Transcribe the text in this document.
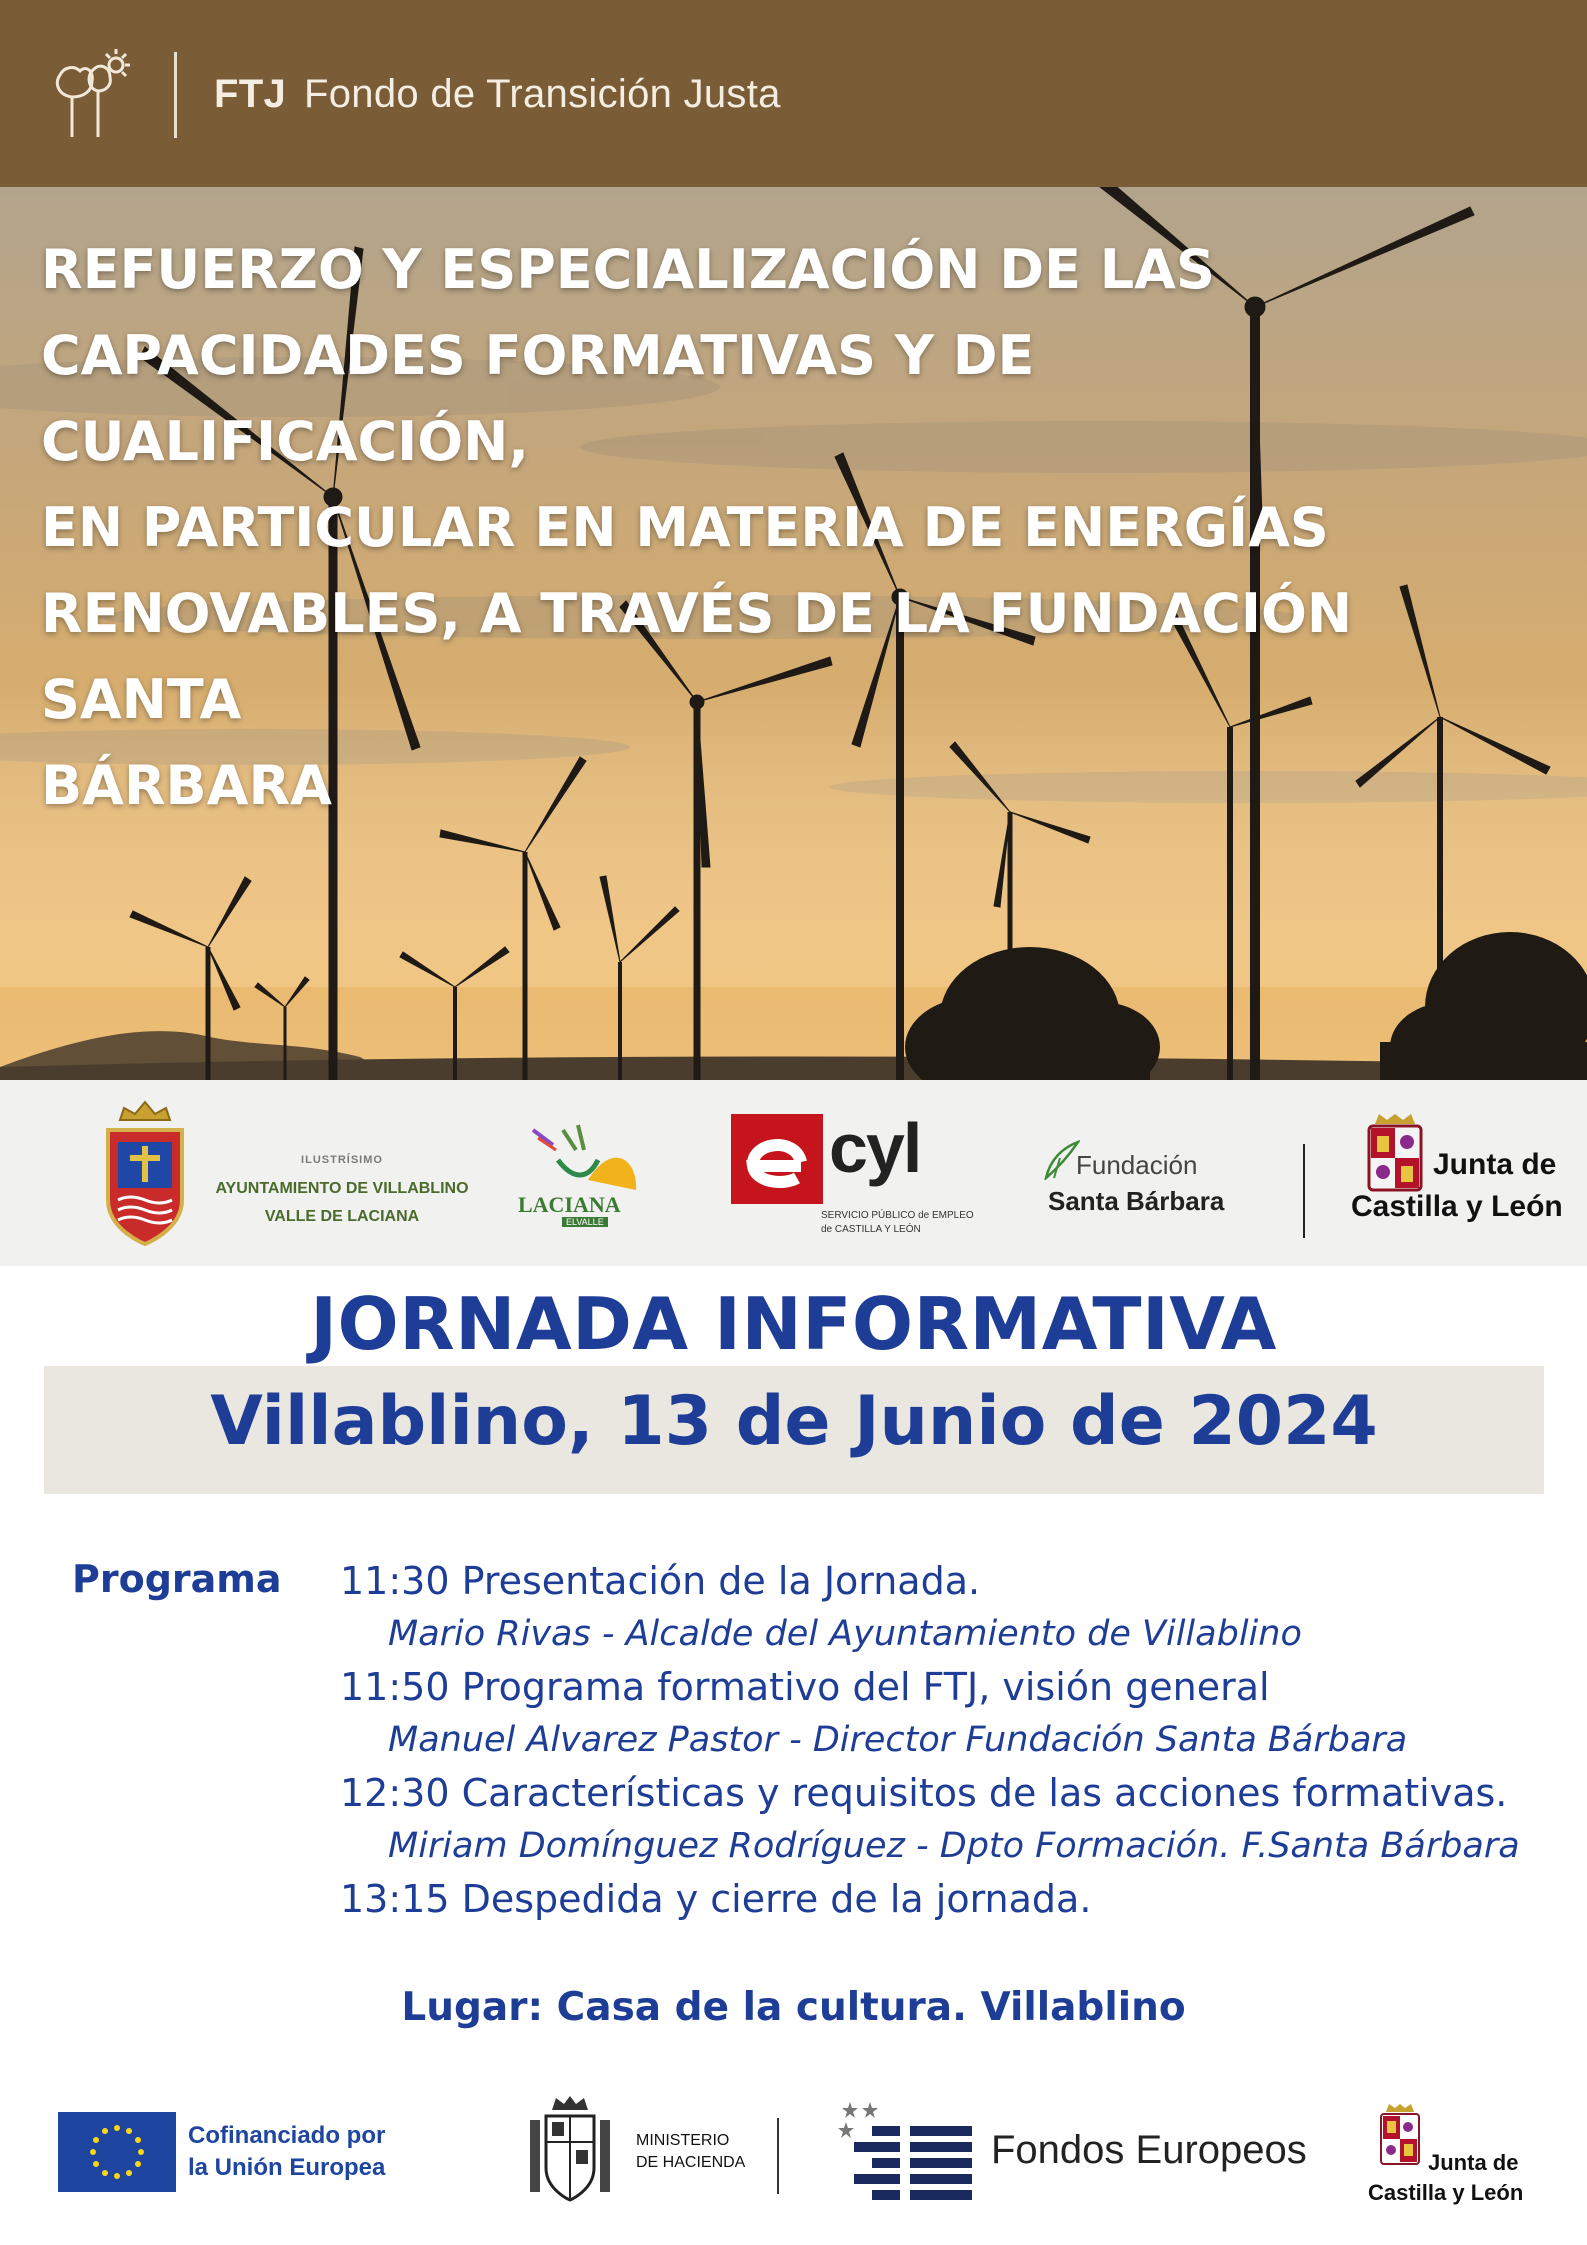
FTJ Fondo de Transición Justa
REFUERZO Y ESPECIALIZACIÓN DE LAS
CAPACIDADES FORMATIVAS Y DE CUALIFICACIÓN,
EN PARTICULAR EN MATERIA DE ENERGÍAS
RENOVABLES, A TRAVÉS DE LA FUNDACIÓN SANTA
BÁRBARA
ILUSTRÍSIMO
AYUNTAMIENTO DE VILLABLINO
VALLE DE LACIANA	LACIANA
ELVALLE
cyl
SERVICIO PÚBLICO de EMPLEO
de CASTILLA Y LEÓN
Fundación
Santa Bárbara
Junta de
Castilla y León
JORNADA INFORMATIVA
Villablino, 13 de Junio de 2024
Programa 11:30 Presentación de la Jornada.
Mario Rivas - Alcalde del Ayuntamiento de Villablino
11:50 Programa formativo del FTJ, visión general
Manuel Alvarez Pastor - Director Fundación Santa Bárbara
12:30 Características y requisitos de las acciones formativas.
Miriam Domínguez Rodríguez - Dpto Formación. F.Santa Bárbara
13:15 Despedida y cierre de la jornada.

Lugar: Casa de la cultura. Villablino

Cofinanciado por
la Unión Europea
MINISTERIO
DE HACIENDA	Fondos Europeos	Junta de
Castilla y León
